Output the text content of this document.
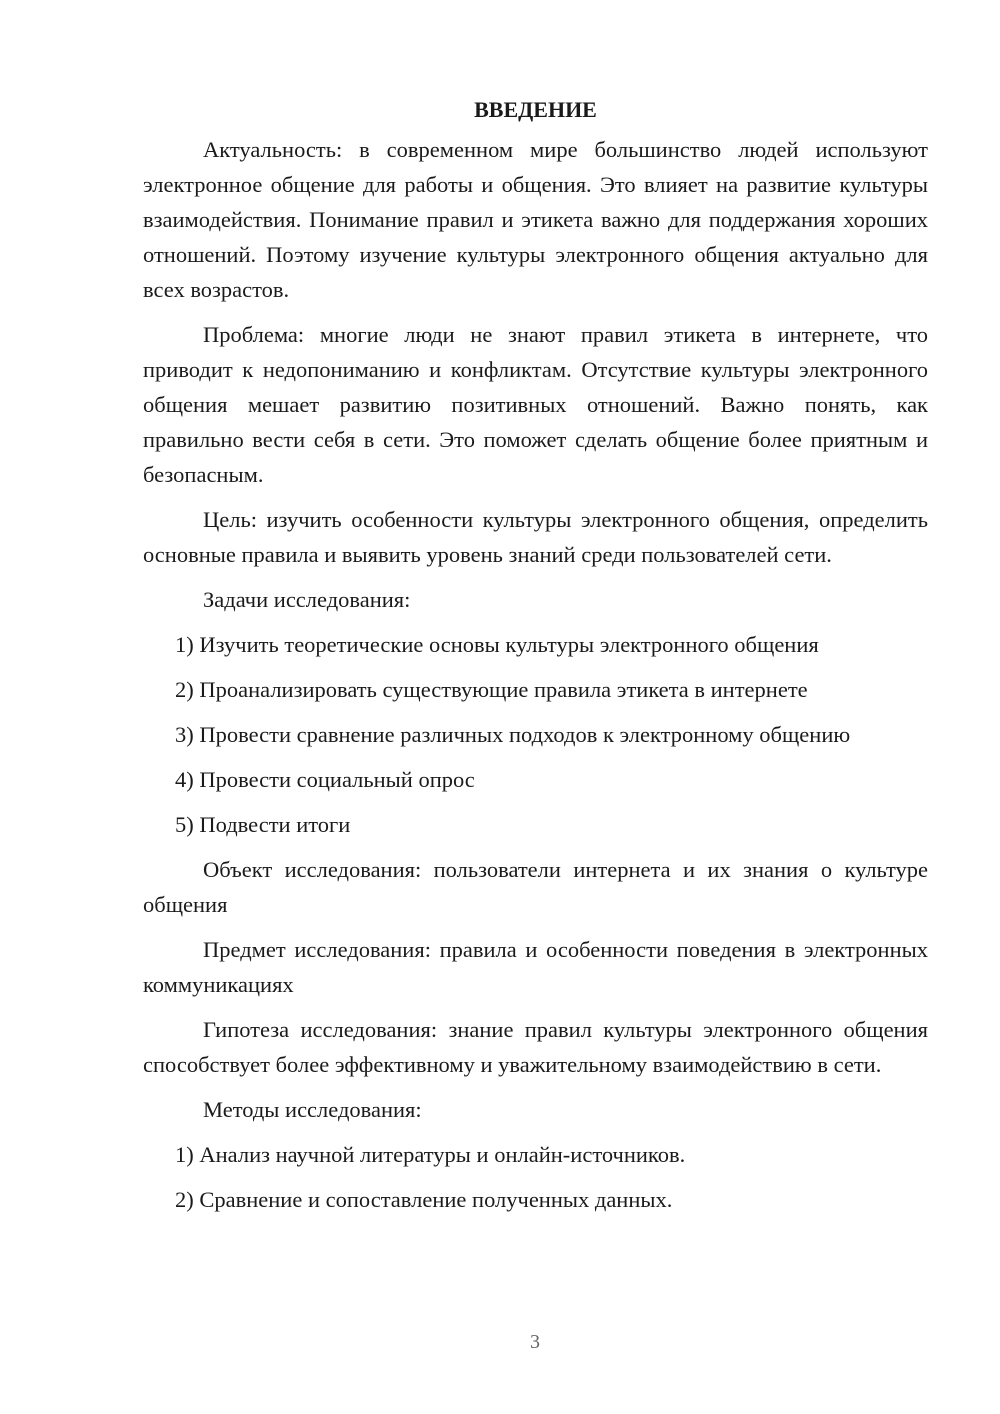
ВВЕДЕНИЕ

Актуальность: в современном мире большинство людей используют электронное общение для работы и общения. Это влияет на развитие культуры взаимодействия. Понимание правил и этикета важно для поддержания хороших отношений. Поэтому изучение культуры электронного общения актуально для всех возрастов.

Проблема: многие люди не знают правил этикета в интернете, что приводит к недопониманию и конфликтам. Отсутствие культуры электронного общения мешает развитию позитивных отношений. Важно понять, как правильно вести себя в сети. Это поможет сделать общение более приятным и безопасным.

Цель: изучить особенности культуры электронного общения, определить основные правила и выявить уровень знаний среди пользователей сети.

Задачи исследования:

1) Изучить теоретические основы культуры электронного общения
2) Проанализировать существующие правила этикета в интернете
3) Провести сравнение различных подходов к электронному общению
4) Провести социальный опрос
5) Подвести итоги

Объект исследования: пользователи интернета и их знания о культуре общения

Предмет исследования: правила и особенности поведения в электронных коммуникациях

Гипотеза исследования: знание правил культуры электронного общения способствует более эффективному и уважительному взаимодействию в сети.

Методы исследования:

1) Анализ научной литературы и онлайн-источников.
2) Сравнение и сопоставление полученных данных.
3
